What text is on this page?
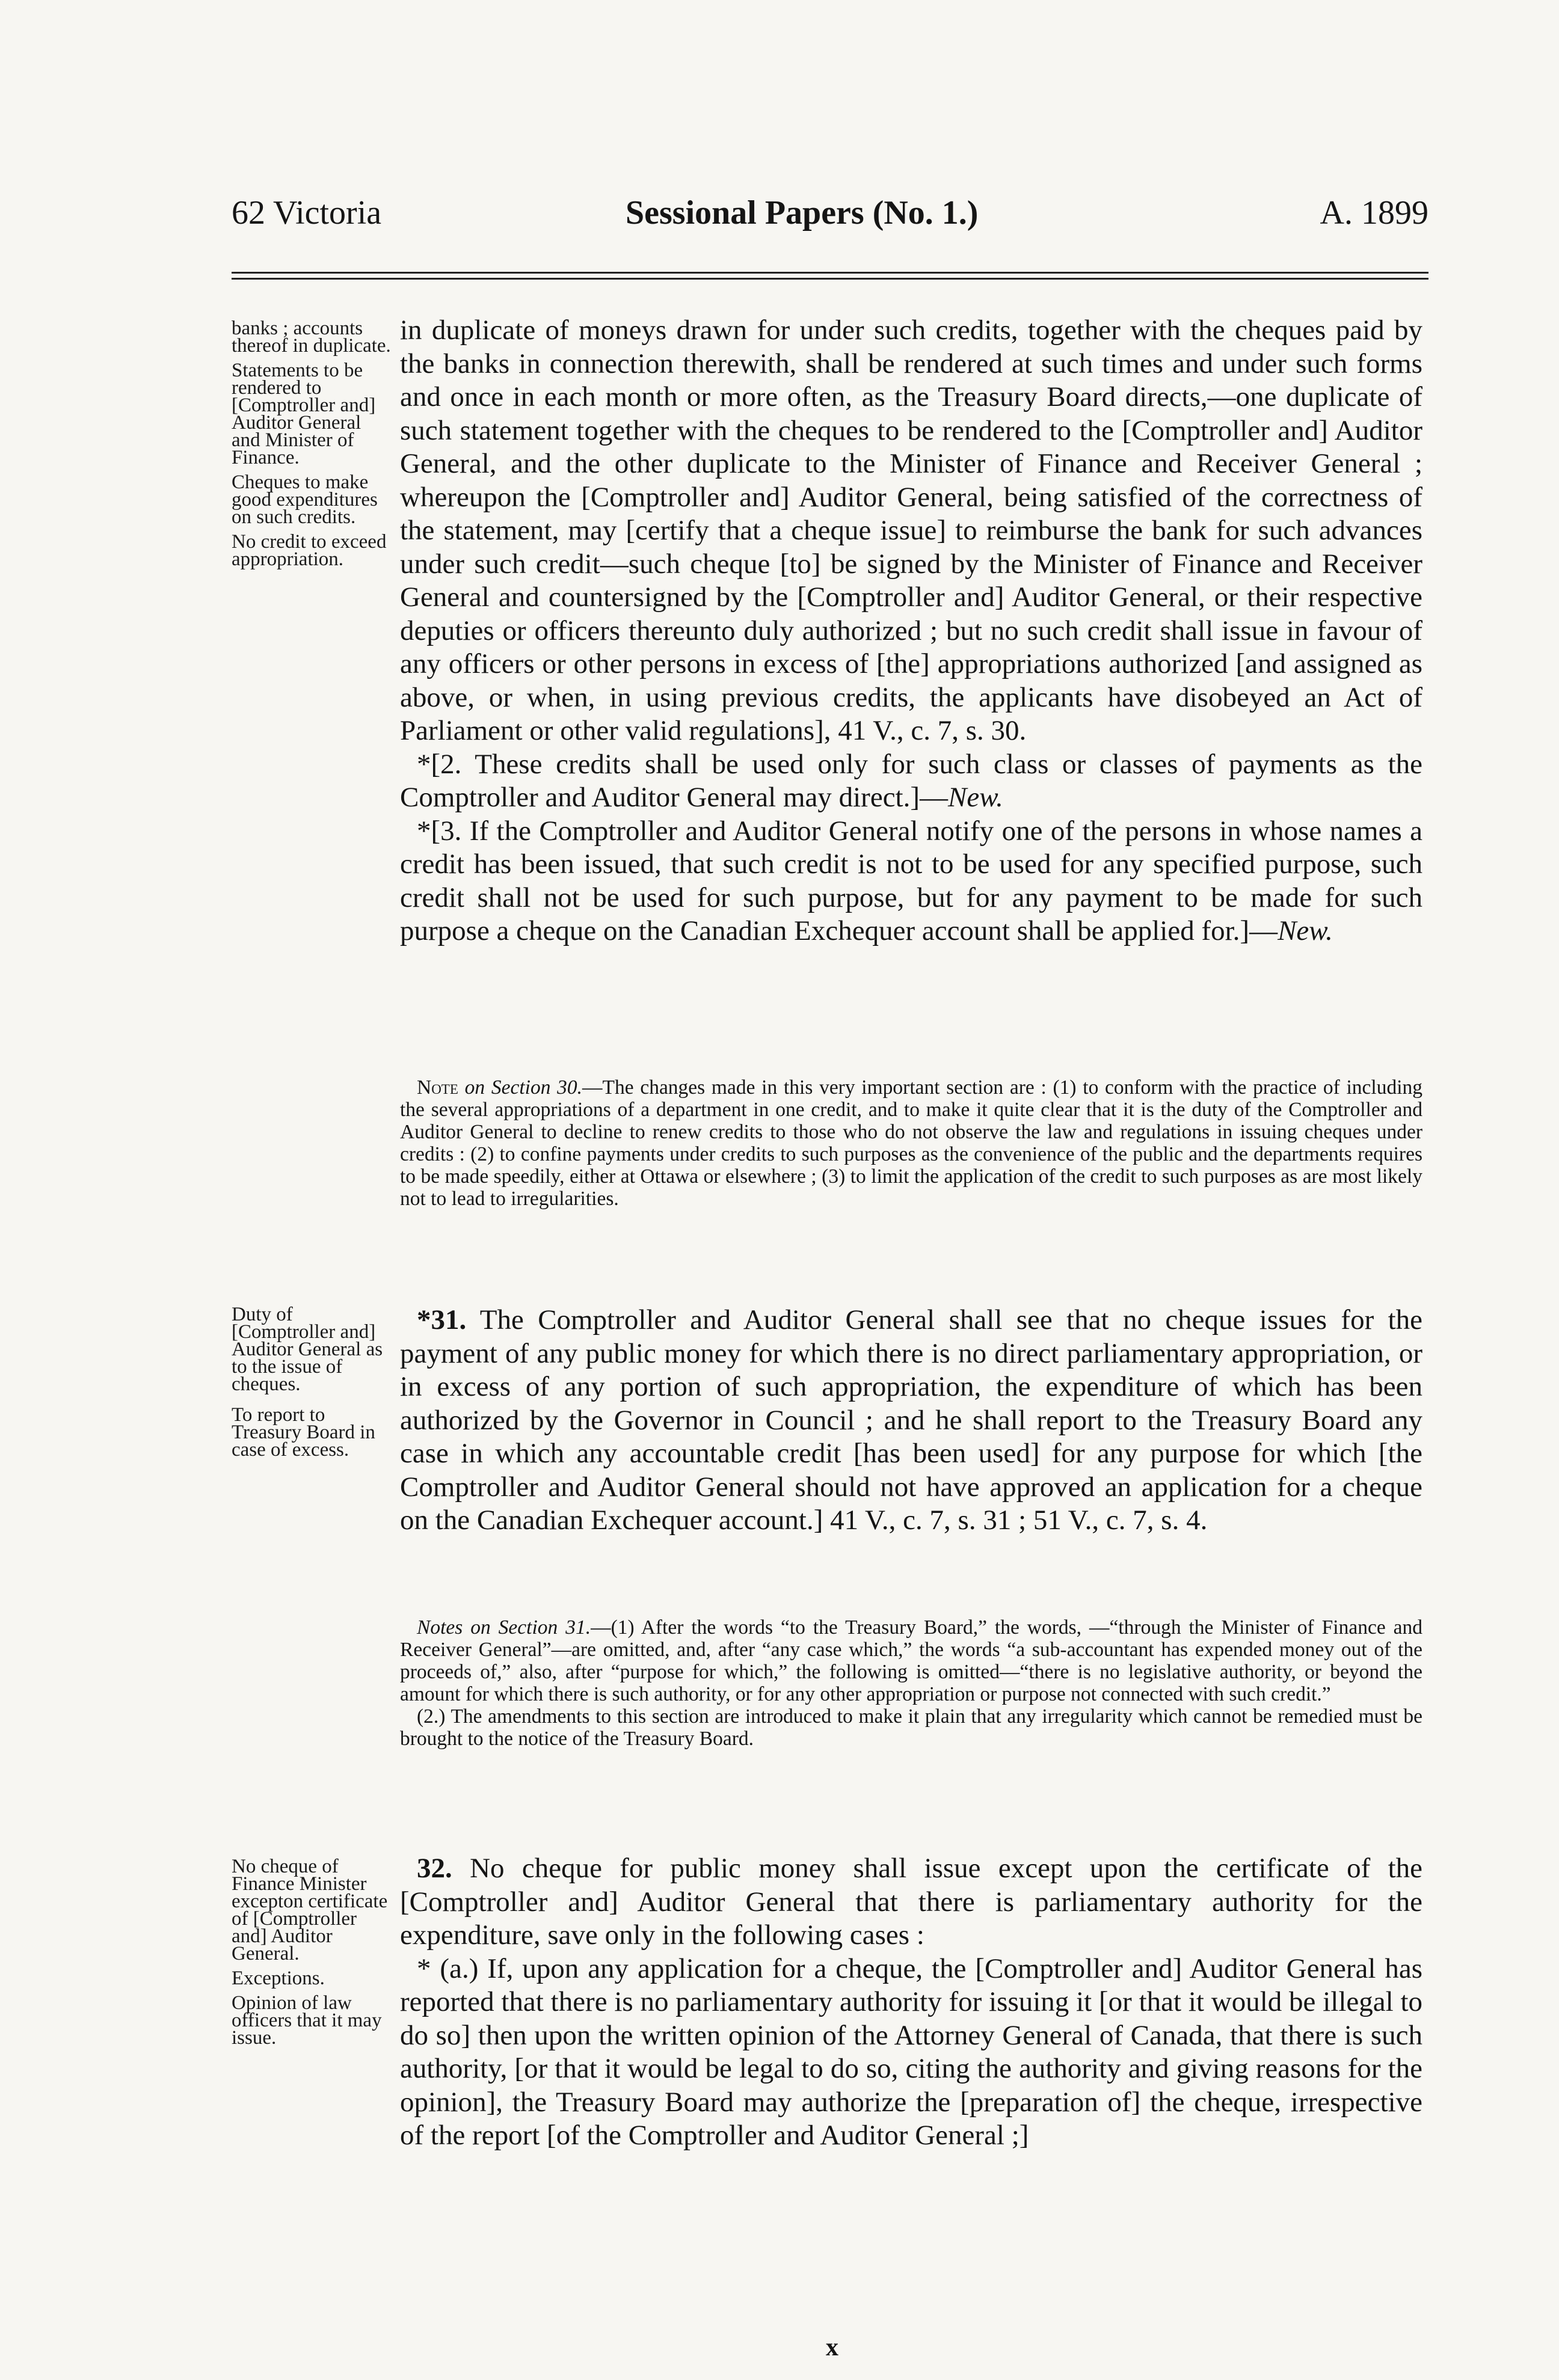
62 Victoria	Sessional Papers (No. 1.)	A. 1899
banks ; accounts thereof in duplicate.
Statements to be rendered to [Comptroller and] Auditor General and Minister of Finance.
Cheques to make good expenditures on such credits.
No credit to exceed appropriation.

in duplicate of moneys drawn for under such credits, together with the cheques paid by the banks in connection therewith, shall be rendered at such times and under such forms and once in each month or more often, as the Treasury Board directs,—one duplicate of such statement together with the cheques to be rendered to the [Comptroller and] Auditor General, and the other duplicate to the Minister of Finance and Receiver General ; whereupon the [Comptroller and] Auditor General, being satisfied of the correctness of the statement, may [certify that a cheque issue] to reimburse the bank for such advances under such credit—such cheque [to] be signed by the Minister of Finance and Receiver General and countersigned by the [Comptroller and] Auditor General, or their respective deputies or officers thereunto duly authorized ; but no such credit shall issue in favour of any officers or other persons in excess of [the] appropriations authorized [and assigned as above, or when, in using previous credits, the applicants have disobeyed an Act of Parliament or other valid regulations], 41 V., c. 7, s. 30.

*[2. These credits shall be used only for such class or classes of payments as the Comptroller and Auditor General may direct.]—New.

*[3. If the Comptroller and Auditor General notify one of the persons in whose names a credit has been issued, that such credit is not to be used for any specified purpose, such credit shall not be used for such purpose, but for any payment to be made for such purpose a cheque on the Canadian Exchequer account shall be applied for.]—New.

Note on Section 30.—The changes made in this very important section are : (1) to conform with the practice of including the several appropriations of a department in one credit, and to make it quite clear that it is the duty of the Comptroller and Auditor General to decline to renew credits to those who do not observe the law and regulations in issuing cheques under credits : (2) to confine payments under credits to such purposes as the convenience of the public and the departments requires to be made speedily, either at Ottawa or elsewhere ; (3) to limit the application of the credit to such purposes as are most likely not to lead to irregularities.

Duty of [Comptroller and] Auditor General as to the issue of cheques.
To report to Treasury Board in case of excess.

*31. The Comptroller and Auditor General shall see that no cheque issues for the payment of any public money for which there is no direct parliamentary appropriation, or in excess of any portion of such appropriation, the expenditure of which has been authorized by the Governor in Council ; and he shall report to the Treasury Board any case in which any accountable credit [has been used] for any purpose for which [the Comptroller and Auditor General should not have approved an application for a cheque on the Canadian Exchequer account.] 41 V., c. 7, s. 31 ; 51 V., c. 7, s. 4.

Notes on Section 31.—(1) After the words “to the Treasury Board,” the words, —“through the Minister of Finance and Receiver General”—are omitted, and, after “any case which,” the words “a sub-accountant has expended money out of the proceeds of,” also, after “purpose for which,” the following is omitted—“there is no legislative authority, or beyond the amount for which there is such authority, or for any other appropriation or purpose not connected with such credit.”

(2.) The amendments to this section are introduced to make it plain that any irregularity which cannot be remedied must be brought to the notice of the Treasury Board.

No cheque of Finance Minister excepton certificate of [Comptroller and] Auditor General.
Exceptions.
Opinion of law officers that it may issue.

32. No cheque for public money shall issue except upon the certificate of the [Comptroller and] Auditor General that there is parliamentary authority for the expenditure, save only in the following cases :

* (a.) If, upon any application for a cheque, the [Comptroller and] Auditor General has reported that there is no parliamentary authority for issuing it [or that it would be illegal to do so] then upon the written opinion of the Attorney General of Canada, that there is such authority, [or that it would be legal to do so, citing the authority and giving reasons for the opinion], the Treasury Board may authorize the [preparation of] the cheque, irrespective of the report [of the Comptroller and Auditor General ;]

x
